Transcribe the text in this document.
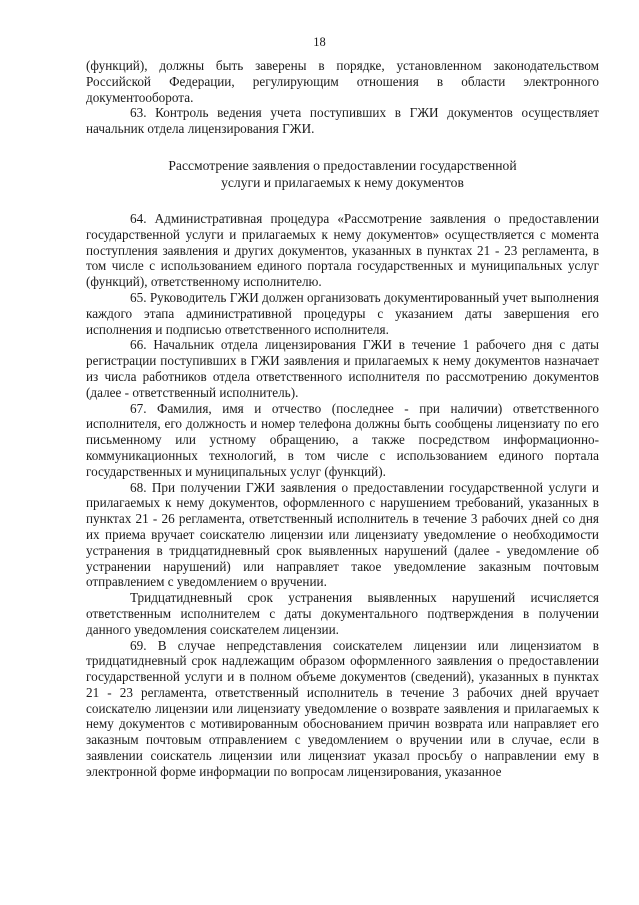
18

(функций), должны быть заверены в порядке, установленном законодательством Российской Федерации, регулирующим отношения в области электронного документооборота.

63. Контроль ведения учета поступивших в ГЖИ документов осуществляет начальник отдела лицензирования ГЖИ.

Рассмотрение заявления о предоставлении государственной
услуги и прилагаемых к нему документов

64. Административная процедура «Рассмотрение заявления о предоставлении государственной услуги и прилагаемых к нему документов» осуществляется с момента поступления заявления и других документов, указанных в пунктах 21 - 23 регламента, в том числе с использованием единого портала государственных и муниципальных услуг (функций), ответственному исполнителю.

65. Руководитель ГЖИ должен организовать документированный учет выполнения каждого этапа административной процедуры с указанием даты завершения его исполнения и подписью ответственного исполнителя.

66. Начальник отдела лицензирования ГЖИ в течение 1 рабочего дня с даты регистрации поступивших в ГЖИ заявления и прилагаемых к нему документов назначает из числа работников отдела ответственного исполнителя по рассмотрению документов (далее - ответственный исполнитель).

67. Фамилия, имя и отчество (последнее - при наличии) ответственного исполнителя, его должность и номер телефона должны быть сообщены лицензиату по его письменному или устному обращению, а также посредством информационно-коммуникационных технологий, в том числе с использованием единого портала государственных и муниципальных услуг (функций).

68. При получении ГЖИ заявления о предоставлении государственной услуги и прилагаемых к нему документов, оформленного с нарушением требований, указанных в пунктах 21 - 26 регламента, ответственный исполнитель в течение 3 рабочих дней со дня их приема вручает соискателю лицензии или лицензиату уведомление о необходимости устранения в тридцатидневный срок выявленных нарушений (далее - уведомление об устранении нарушений) или направляет такое уведомление заказным почтовым отправлением с уведомлением о вручении.

Тридцатидневный срок устранения выявленных нарушений исчисляется ответственным исполнителем с даты документального подтверждения в получении данного уведомления соискателем лицензии.

69. В случае непредставления соискателем лицензии или лицензиатом в тридцатидневный срок надлежащим образом оформленного заявления о предоставлении государственной услуги и в полном объеме документов (сведений), указанных в пунктах 21 - 23 регламента, ответственный исполнитель в течение 3 рабочих дней вручает соискателю лицензии или лицензиату уведомление о возврате заявления и прилагаемых к нему документов с мотивированным обоснованием причин возврата или направляет его заказным почтовым отправлением с уведомлением о вручении или в случае, если в заявлении соискатель лицензии или лицензиат указал просьбу о направлении ему в электронной форме информации по вопросам лицензирования, указанное
